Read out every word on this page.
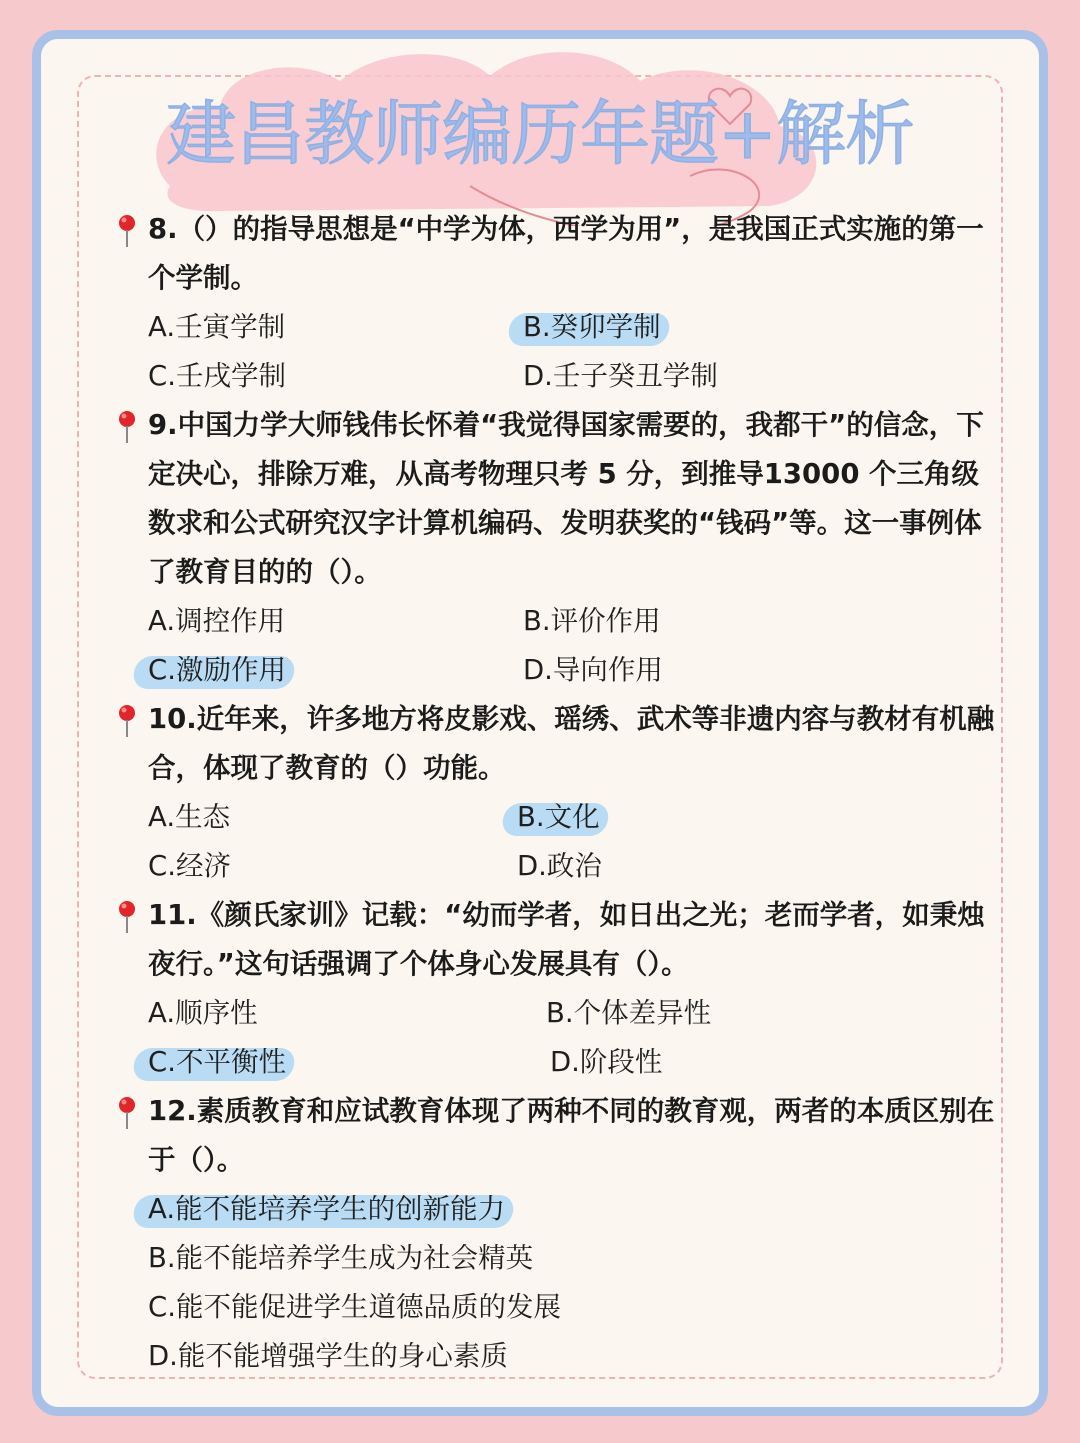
建昌教师编历年题+解析
8.（）的指导思想是“中学为体，西学为用”，是我国正式实施的第一个学制。
A.壬寅学制	B.癸卯学制
C.壬戌学制	D.壬子癸丑学制
9.中国力学大师钱伟长怀着“我觉得国家需要的，我都干”的信念，下定决心，排除万难，从高考物理只考 5 分，到推导13000 个三角级数求和公式研究汉字计算机编码、发明获奖的“钱码”等。这一事例体了教育目的的（）。
A.调控作用	B.评价作用
C.激励作用	D.导向作用
10.近年来，许多地方将皮影戏、瑶绣、武术等非遗内容与教材有机融合，体现了教育的（）功能。
A.生态	B.文化
C.经济	D.政治
11.《颜氏家训》记载：“幼而学者，如日出之光；老而学者，如秉烛夜行。”这句话强调了个体身心发展具有（）。
A.顺序性	B.个体差异性
C.不平衡性	D.阶段性
12.素质教育和应试教育体现了两种不同的教育观，两者的本质区别在于（）。
A.能不能培养学生的创新能力
B.能不能培养学生成为社会精英
C.能不能促进学生道德品质的发展
D.能不能增强学生的身心素质
